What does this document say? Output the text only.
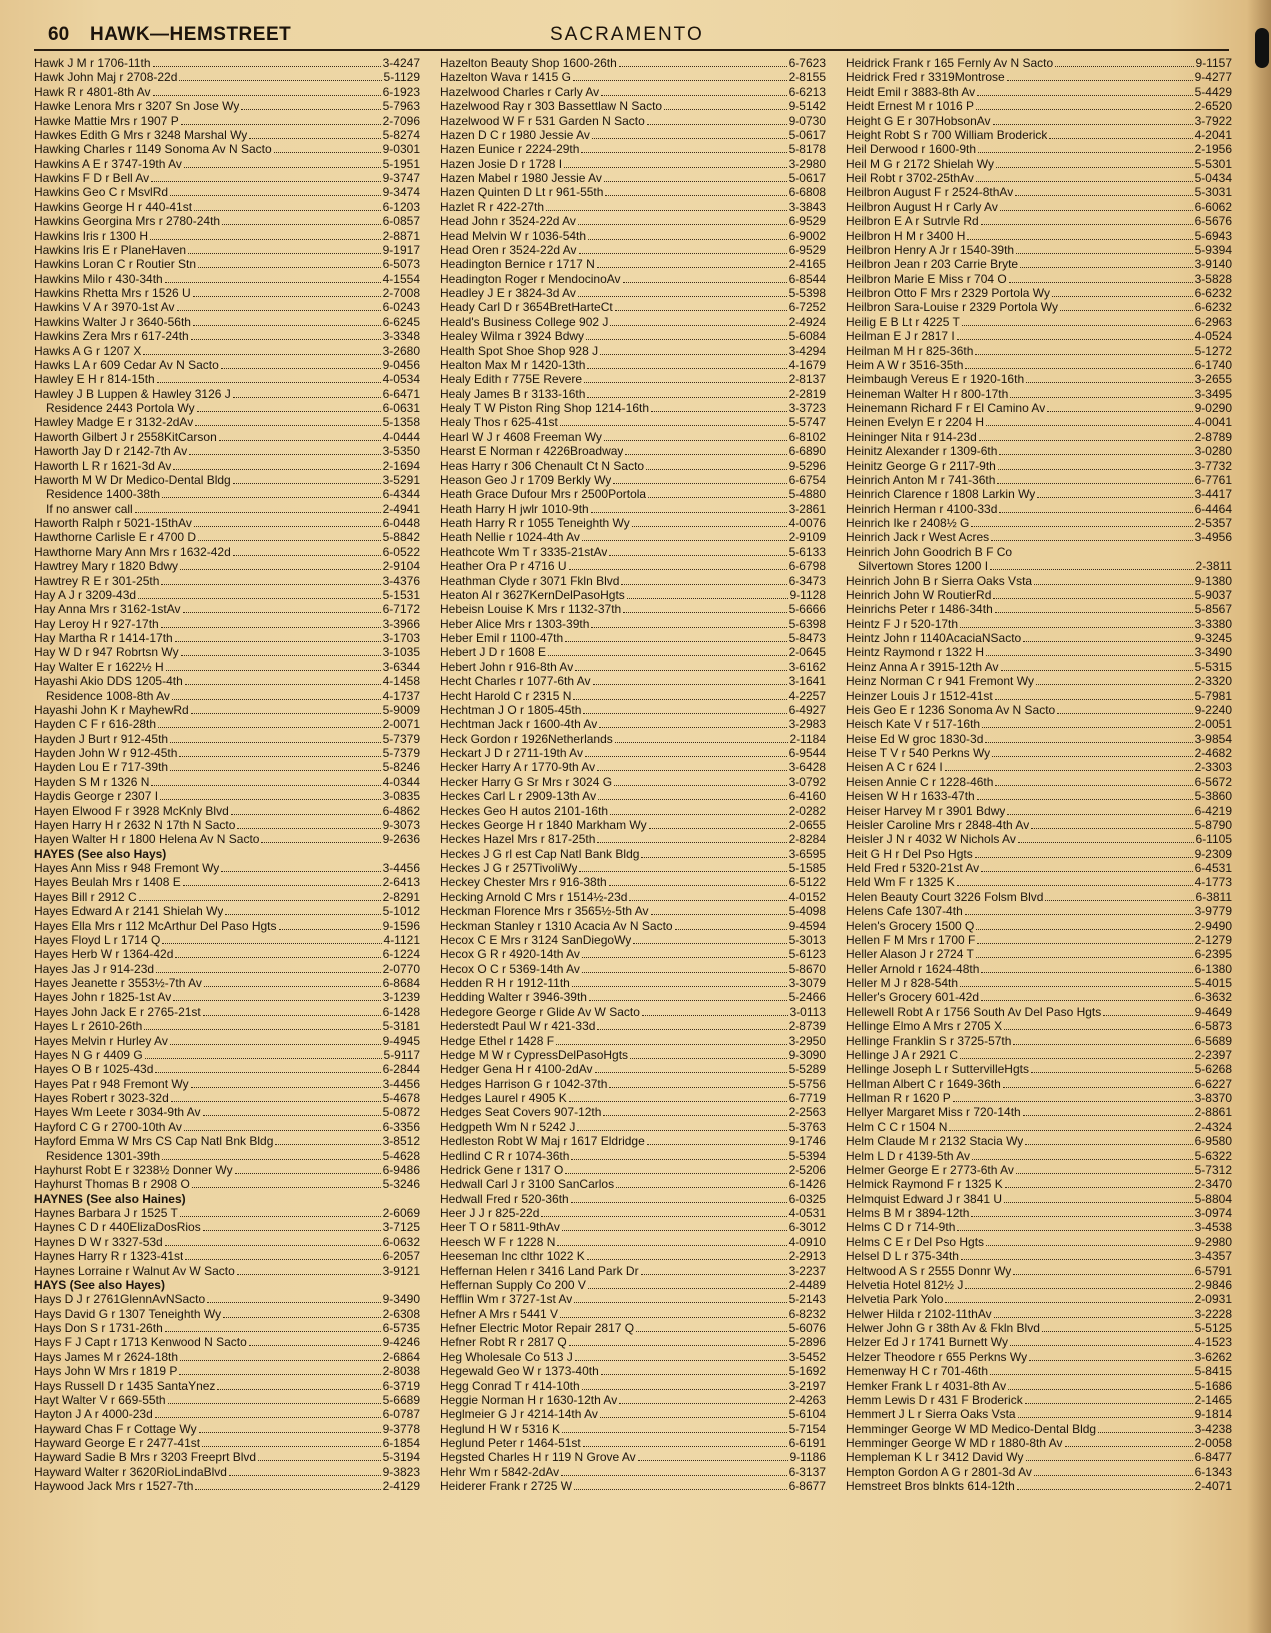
60 HAWK—HEMSTREET	SACRAMENTO
Hawk J M r 1706-11th	3-4247
Hawk John Maj r 2708-22d	5-1129
Hawk R r 4801-8th Av	6-1923
Hawke Lenora Mrs r 3207 Sn Jose Wy	5-7963
Hawke Mattie Mrs r 1907 P	2-7096
Hawkes Edith G Mrs r 3248 Marshal Wy	5-8274
Hawking Charles r 1149 Sonoma Av N Sacto	9-0301
Hawkins A E r 3747-19th Av	5-1951
Hawkins F D r Bell Av	9-3747
Hawkins Geo C r MsvlRd	9-3474
Hawkins George H r 440-41st	6-1203
Hawkins Georgina Mrs r 2780-24th	6-0857
Hawkins Iris r 1300 H	2-8871
Hawkins Iris E r PlaneHaven	9-1917
Hawkins Loran C r Routier Stn	6-5073
Hawkins Milo r 430-34th	4-1554
Hawkins Rhetta Mrs r 1526 U	2-7008
Hawkins V A r 3970-1st Av	6-0243
Hawkins Walter J r 3640-56th	6-6245
Hawkins Zera Mrs r 617-24th	3-3348
Hawks A G r 1207 X	3-2680
Hawks L A r 609 Cedar Av N Sacto	9-0456
Hawley E H r 814-15th	4-0534
Hawley J B Luppen & Hawley 3126 J	6-6471
Residence 2443 Portola Wy	6-0631
Hawley Madge E r 3132-2dAv	5-1358
Haworth Gilbert J r 2558KitCarson	4-0444
Haworth Jay D r 2142-7th Av	3-5350
Haworth L R r 1621-3d Av	2-1694
Haworth M W Dr Medico-Dental Bldg	3-5291
Residence 1400-38th	6-4344
If no answer call	2-4941
Haworth Ralph r 5021-15thAv	6-0448
Hawthorne Carlisle E r 4700 D	5-8842
Hawthorne Mary Ann Mrs r 1632-42d	6-0522
Hawtrey Mary r 1820 Bdwy	2-9104
Hawtrey R E r 301-25th	3-4376
Hay A J r 3209-43d	5-1531
Hay Anna Mrs r 3162-1stAv	6-7172
Hay Leroy H r 927-17th	3-3966
Hay Martha R r 1414-17th	3-1703
Hay W D r 947 Robrtsn Wy	3-1035
Hay Walter E r 1622½ H	3-6344
Hayashi Akio DDS 1205-4th	4-1458
Residence 1008-8th Av	4-1737
Hayashi John K r MayhewRd	5-9009
Hayden C F r 616-28th	2-0071
Hayden J Burt r 912-45th	5-7379
Hayden John W r 912-45th	5-7379
Hayden Lou E r 717-39th	5-8246
Hayden S M r 1326 N	4-0344
Haydis George r 2307 I	3-0835
Hayen Elwood F r 3928 McKnly Blvd	6-4862
Hayen Harry H r 2632 N 17th N Sacto	9-3073
Hayen Walter H r 1800 Helena Av N Sacto	9-2636
HAYES (See also Hays)
Hayes Ann Miss r 948 Fremont Wy	3-4456
Hayes Beulah Mrs r 1408 E	2-6413
Hayes Bill r 2912 C	2-8291
Hayes Edward A r 2141 Shielah Wy	5-1012
Hayes Ella Mrs r 112 McArthur Del Paso Hgts	9-1596
Hayes Floyd L r 1714 Q	4-1121
Hayes Herb W r 1364-42d	6-1224
Hayes Jas J r 914-23d	2-0770
Hayes Jeanette r 3553½-7th Av	6-8684
Hayes John r 1825-1st Av	3-1239
Hayes John Jack E r 2765-21st	6-1428
Hayes L r 2610-26th	5-3181
Hayes Melvin r Hurley Av	9-4945
Hayes N G r 4409 G	5-9117
Hayes O B r 1025-43d	6-2844
Hayes Pat r 948 Fremont Wy	3-4456
Hayes Robert r 3023-32d	5-4678
Hayes Wm Leete r 3034-9th Av	5-0872
Hayford C G r 2700-10th Av	6-3356
Hayford Emma W Mrs CS Cap Natl Bnk Bldg	3-8512
Residence 1301-39th	5-4628
Hayhurst Robt E r 3238½ Donner Wy	6-9486
Hayhurst Thomas B r 2908 O	5-3246
HAYNES (See also Haines)
Haynes Barbara J r 1525 T	2-6069
Haynes C D r 440ElizaDosRios	3-7125
Haynes D W r 3327-53d	6-0632
Haynes Harry R r 1323-41st	6-2057
Haynes Lorraine r Walnut Av W Sacto	3-9121
HAYS (See also Hayes)
Hays D J r 2761GlennAvNSacto	9-3490
Hays David G r 1307 Teneighth Wy	2-6308
Hays Don S r 1731-26th	6-5735
Hays F J Capt r 1713 Kenwood N Sacto	9-4246
Hays James M r 2624-18th	2-6864
Hays John W Mrs r 1819 P	2-8038
Hays Russell D r 1435 SantaYnez	6-3719
Hayt Walter V r 669-55th	5-6689
Hayton J A r 4000-23d	6-0787
Hayward Chas F r Cottage Wy	9-3778
Hayward George E r 2477-41st	6-1854
Hayward Sadie B Mrs r 3203 Freeprt Blvd	5-3194
Hayward Walter r 3620RioLindaBlvd	9-3823
Haywood Jack Mrs r 1527-7th	2-4129
Hazelton Beauty Shop 1600-26th	6-7623
Hazelton Wava r 1415 G	2-8155
Hazelwood Charles r Carly Av	6-6213
Hazelwood Ray r 303 Bassettlaw N Sacto	9-5142
Hazelwood W F r 531 Garden N Sacto	9-0730
Hazen D C r 1980 Jessie Av	5-0617
Hazen Eunice r 2224-29th	5-8178
Hazen Josie D r 1728 I	3-2980
Hazen Mabel r 1980 Jessie Av	5-0617
Hazen Quinten D Lt r 961-55th	6-6808
Hazlet R r 422-27th	3-3843
Head John r 3524-22d Av	6-9529
Head Melvin W r 1036-54th	6-9002
Head Oren r 3524-22d Av	6-9529
Headington Bernice r 1717 N	2-4165
Headington Roger r MendocinoAv	6-8544
Headley J E r 3824-3d Av	5-5398
Heady Carl D r 3654BretHarteCt	6-7252
Heald's Business College 902 J	2-4924
Healey Wilma r 3924 Bdwy	5-6084
Health Spot Shoe Shop 928 J	3-4294
Healton Max M r 1420-13th	4-1679
Healy Edith r 775E Revere	2-8137
Healy James B r 3133-16th	2-2819
Healy T W Piston Ring Shop 1214-16th	3-3723
Healy Thos r 625-41st	5-5747
Hearl W J r 4608 Freeman Wy	6-8102
Hearst E Norman r 4226Broadway	6-6890
Heas Harry r 306 Chenault Ct N Sacto	9-5296
Heason Geo J r 1709 Berkly Wy	6-6754
Heath Grace Dufour Mrs r 2500Portola	5-4880
Heath Harry H jwlr 1010-9th	3-2861
Heath Harry R r 1055 Teneighth Wy	4-0076
Heath Nellie r 1024-4th Av	2-9109
Heathcote Wm T r 3335-21stAv	5-6133
Heather Ora P r 4716 U	6-6798
Heathman Clyde r 3071 Fkln Blvd	6-3473
Heaton Al r 3627KernDelPasoHgts	9-1128
Hebeisn Louise K Mrs r 1132-37th	5-6666
Heber Alice Mrs r 1303-39th	5-6398
Heber Emil r 1100-47th	5-8473
Hebert J D r 1608 E	2-0645
Hebert John r 916-8th Av	3-6162
Hecht Charles r 1077-6th Av	3-1641
Hecht Harold C r 2315 N	4-2257
Hechtman J O r 1805-45th	6-4927
Hechtman Jack r 1600-4th Av	3-2983
Heck Gordon r 1926Netherlands	2-1184
Heckart J D r 2711-19th Av	6-9544
Hecker Harry A r 1770-9th Av	3-6428
Hecker Harry G Sr Mrs r 3024 G	3-0792
Heckes Carl L r 2909-13th Av	6-4160
Heckes Geo H autos 2101-16th	2-0282
Heckes George H r 1840 Markham Wy	2-0655
Heckes Hazel Mrs r 817-25th	2-8284
Heckes J G rl est Cap Natl Bank Bldg	3-6595
Heckes J G r 257TivoliWy	5-1585
Heckey Chester Mrs r 916-38th	6-5122
Hecking Arnold C Mrs r 1514½-23d	4-0152
Heckman Florence Mrs r 3565½-5th Av	5-4098
Heckman Stanley r 1310 Acacia Av N Sacto	9-4594
Hecox C E Mrs r 3124 SanDiegoWy	5-3013
Hecox G R r 4920-14th Av	5-6123
Hecox O C r 5369-14th Av	5-8670
Hedden R H r 1912-11th	3-3079
Hedding Walter r 3946-39th	5-2466
Hedegore George r Glide Av W Sacto	3-0113
Hederstedt Paul W r 421-33d	2-8739
Hedge Ethel r 1428 F	3-2950
Hedge M W r CypressDelPasoHgts	9-3090
Hedger Gena H r 4100-2dAv	5-5289
Hedges Harrison G r 1042-37th	5-5756
Hedges Laurel r 4905 K	6-7719
Hedges Seat Covers 907-12th	2-2563
Hedgpeth Wm N r 5242 J	5-3763
Hedleston Robt W Maj r 1617 Eldridge	9-1746
Hedlind C R r 1074-36th	5-5394
Hedrick Gene r 1317 O	2-5206
Hedwall Carl J r 3100 SanCarlos	6-1426
Hedwall Fred r 520-36th	6-0325
Heer J J r 825-22d	4-0531
Heer T O r 5811-9thAv	6-3012
Heesch W F r 1228 N	4-0910
Heeseman Inc clthr 1022 K	2-2913
Heffernan Helen r 3416 Land Park Dr	3-2237
Heffernan Supply Co 200 V	2-4489
Hefflin Wm r 3727-1st Av	5-2143
Hefner A Mrs r 5441 V	6-8232
Hefner Electric Motor Repair 2817 Q	5-6076
Hefner Robt R r 2817 Q	5-2896
Heg Wholesale Co 513 J	3-5452
Hegewald Geo W r 1373-40th	5-1692
Hegg Conrad T r 414-10th	3-2197
Heggie Norman H r 1630-12th Av	2-4263
Heglmeier G J r 4214-14th Av	5-6104
Heglund H W r 5316 K	5-7154
Heglund Peter r 1464-51st	6-6191
Hegsted Charles H r 119 N Grove Av	9-1186
Hehr Wm r 5842-2dAv	6-3137
Heiderer Frank r 2725 W	6-8677
Heidrick Frank r 165 Fernly Av N Sacto	9-1157
Heidrick Fred r 3319Montrose	9-4277
Heidt Emil r 3883-8th Av	5-4429
Heidt Ernest M r 1016 P	2-6520
Height G E r 307HobsonAv	3-7922
Height Robt S r 700 William Broderick	4-2041
Heil Derwood r 1600-9th	2-1956
Heil M G r 2172 Shielah Wy	5-5301
Heil Robt r 3702-25thAv	5-0434
Heilbron August F r 2524-8thAv	5-3031
Heilbron August H r Carly Av	6-6062
Heilbron E A r Sutrvle Rd	6-5676
Heilbron H M r 3400 H	5-6943
Heilbron Henry A Jr r 1540-39th	5-9394
Heilbron Jean r 203 Carrie Bryte	3-9140
Heilbron Marie E Miss r 704 O	3-5828
Heilbron Otto F Mrs r 2329 Portola Wy	6-6232
Heilbron Sara-Louise r 2329 Portola Wy	6-6232
Heilig E B Lt r 4225 T	6-2963
Heilman E J r 2817 I	4-0524
Heilman M H r 825-36th	5-1272
Heim A W r 3516-35th	6-1740
Heimbaugh Vereus E r 1920-16th	3-2655
Heineman Walter H r 800-17th	3-3495
Heinemann Richard F r El Camino Av	9-0290
Heinen Evelyn E r 2204 H	4-0041
Heininger Nita r 914-23d	2-8789
Heinitz Alexander r 1309-6th	3-0280
Heinitz George G r 2117-9th	3-7732
Heinrich Anton M r 741-36th	6-7761
Heinrich Clarence r 1808 Larkin Wy	3-4417
Heinrich Herman r 4100-33d	6-4464
Heinrich Ike r 2408½ G	2-5357
Heinrich Jack r West Acres	3-4956
Heinrich John Goodrich B F Co
Silvertown Stores 1200 I	2-3811
Heinrich John B r Sierra Oaks Vsta	9-1380
Heinrich John W RoutierRd	5-9037
Heinrichs Peter r 1486-34th	5-8567
Heintz F J r 520-17th	3-3380
Heintz John r 1140AcaciaNSacto	9-3245
Heintz Raymond r 1322 H	3-3490
Heinz Anna A r 3915-12th Av	5-5315
Heinz Norman C r 941 Fremont Wy	2-3320
Heinzer Louis J r 1512-41st	5-7981
Heis Geo E r 1236 Sonoma Av N Sacto	9-2240
Heisch Kate V r 517-16th	2-0051
Heise Ed W groc 1830-3d	3-9854
Heise T V r 540 Perkns Wy	2-4682
Heisen A C r 624 I	2-3303
Heisen Annie C r 1228-46th	6-5672
Heisen W H r 1633-47th	5-3860
Heiser Harvey M r 3901 Bdwy	6-4219
Heisler Caroline Mrs r 2848-4th Av	5-8790
Heisler J N r 4032 W Nichols Av	6-1105
Heit G H r Del Pso Hgts	9-2309
Held Fred r 5320-21st Av	6-4531
Held Wm F r 1325 K	4-1773
Helen Beauty Court 3226 Folsm Blvd	6-3811
Helens Cafe 1307-4th	3-9779
Helen's Grocery 1500 Q	2-9490
Hellen F M Mrs r 1700 F	2-1279
Heller Alason J r 2724 T	6-2395
Heller Arnold r 1624-48th	6-1380
Heller M J r 828-54th	5-4015
Heller's Grocery 601-42d	6-3632
Hellewell Robt A r 1756 South Av Del Paso Hgts	9-4649
Hellinge Elmo A Mrs r 2705 X	6-5873
Hellinge Franklin S r 3725-57th	6-5689
Hellinge J A r 2921 C	2-2397
Hellinge Joseph L r SuttervilleHgts	5-6268
Hellman Albert C r 1649-36th	6-6227
Hellman R r 1620 P	3-8370
Hellyer Margaret Miss r 720-14th	2-8861
Helm C C r 1504 N	2-4324
Helm Claude M r 2132 Stacia Wy	6-9580
Helm L D r 4139-5th Av	5-6322
Helmer George E r 2773-6th Av	5-7312
Helmick Raymond F r 1325 K	2-3470
Helmquist Edward J r 3841 U	5-8804
Helms B M r 3894-12th	3-0974
Helms C D r 714-9th	3-4538
Helms C E r Del Pso Hgts	9-2980
Helsel D L r 375-34th	3-4357
Heltwood A S r 2555 Donnr Wy	6-5791
Helvetia Hotel 812½ J	2-9846
Helvetia Park Yolo	2-0931
Helwer Hilda r 2102-11thAv	3-2228
Helwer John G r 38th Av & Fkln Blvd	5-5125
Helzer Ed J r 1741 Burnett Wy	4-1523
Helzer Theodore r 655 Perkns Wy	3-6262
Hemenway H C r 701-46th	5-8415
Hemker Frank L r 4031-8th Av	5-1686
Hemm Lewis D r 431 F Broderick	2-1465
Hemmert J L r Sierra Oaks Vsta	9-1814
Hemminger George W MD Medico-Dental Bldg	3-4238
Hemminger George W MD r 1880-8th Av	2-0058
Hempleman K L r 3412 David Wy	6-8477
Hempton Gordon A G r 2801-3d Av	6-1343
Hemstreet Bros blnkts 614-12th	2-4071
